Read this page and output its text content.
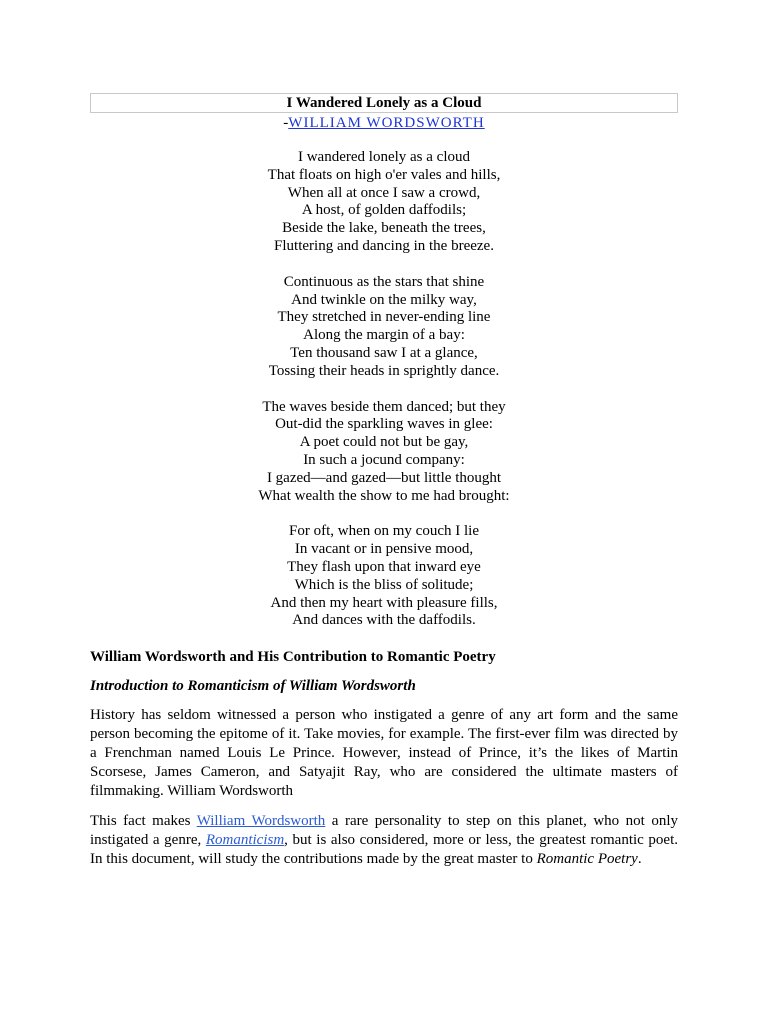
I Wandered Lonely as a Cloud
-WILLIAM WORDSWORTH
I wandered lonely as a cloud
That floats on high o'er vales and hills,
When all at once I saw a crowd,
A host, of golden daffodils;
Beside the lake, beneath the trees,
Fluttering and dancing in the breeze.
Continuous as the stars that shine
And twinkle on the milky way,
They stretched in never-ending line
Along the margin of a bay:
Ten thousand saw I at a glance,
Tossing their heads in sprightly dance.
The waves beside them danced; but they
Out-did the sparkling waves in glee:
A poet could not but be gay,
In such a jocund company:
I gazed—and gazed—but little thought
What wealth the show to me had brought:
For oft, when on my couch I lie
In vacant or in pensive mood,
They flash upon that inward eye
Which is the bliss of solitude;
And then my heart with pleasure fills,
And dances with the daffodils.
William Wordsworth and His Contribution to Romantic Poetry
Introduction to Romanticism of William Wordsworth
History has seldom witnessed a person who instigated a genre of any art form and the same person becoming the epitome of it. Take movies, for example. The first-ever film was directed by a Frenchman named Louis Le Prince. However, instead of Prince, it’s the likes of Martin Scorsese, James Cameron, and Satyajit Ray, who are considered the ultimate masters of filmmaking. William Wordsworth
This fact makes William Wordsworth a rare personality to step on this planet, who not only instigated a genre, Romanticism, but is also considered, more or less, the greatest romantic poet. In this document, will study the contributions made by the great master to Romantic Poetry.
